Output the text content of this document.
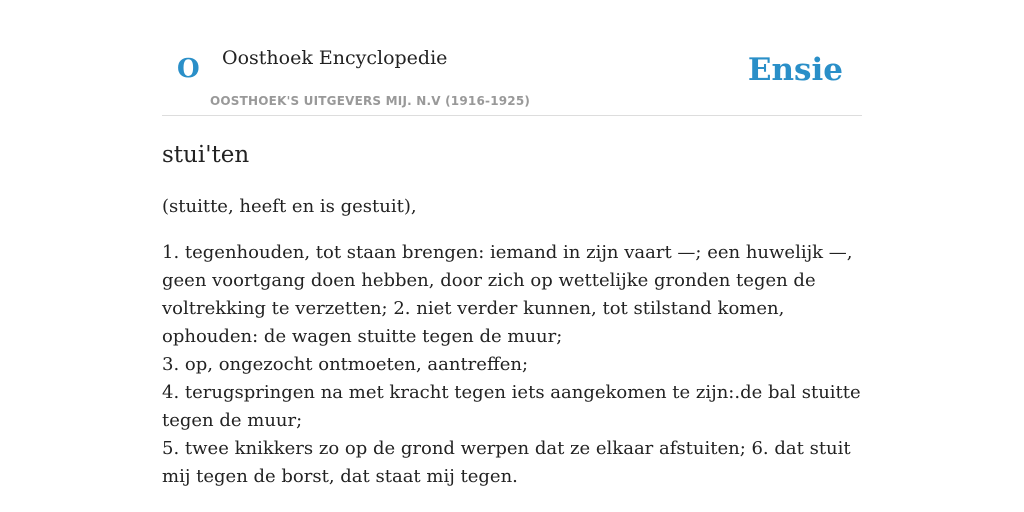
O Oosthoek Encyclopedie
OOSTHOEK'S UITGEVERS MIJ. N.V (1916-1925)
Ensie
stui'ten

(stuitte, heeft en is gestuit),

1. tegenhouden, tot staan brengen: iemand in zijn vaart —; een huwelijk —, geen voortgang doen hebben, door zich op wettelijke gronden tegen de voltrekking te verzetten; 2. niet verder kunnen, tot stilstand komen, ophouden: de wagen stuitte tegen de muur;
3. op, ongezocht ontmoeten, aantreffen;
4. terugspringen na met kracht tegen iets aangekomen te zijn:.de bal stuitte tegen de muur;
5. twee knikkers zo op de grond werpen dat ze elkaar afstuiten; 6. dat stuit mij tegen de borst, dat staat mij tegen.
